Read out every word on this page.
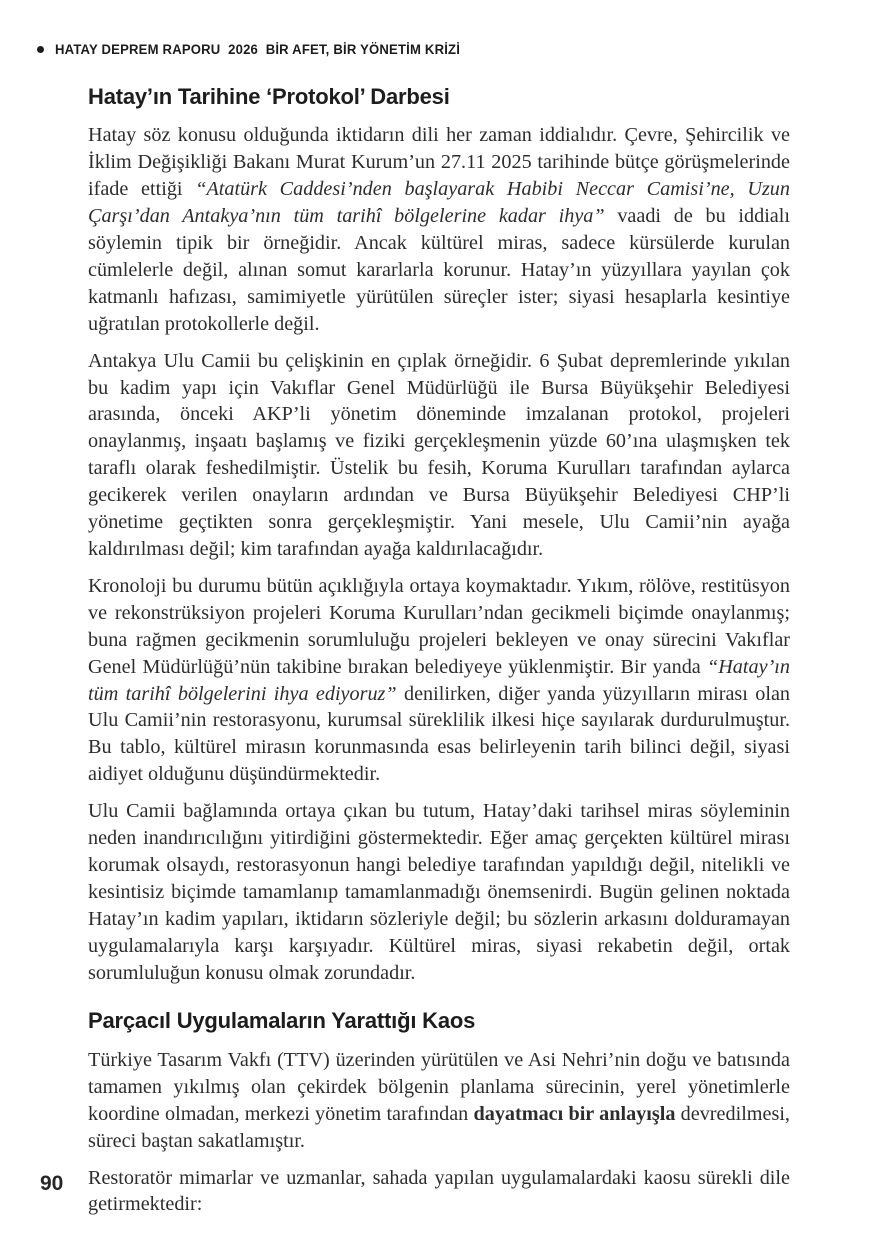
HATAY DEPREM RAPORU  2026  BİR AFET, BİR YÖNETİM KRİZİ
Hatay’ın Tarihine ‘Protokol’ Darbesi

Hatay söz konusu olduğunda iktidarın dili her zaman iddialıdır. Çevre, Şehircilik ve İklim Değişikliği Bakanı Murat Kurum’un 27.11 2025 tarihinde bütçe görüşmelerinde ifade ettiği “Atatürk Caddesi’nden başlayarak Habibi Neccar Camisi’ne, Uzun Çarşı’dan Antakya’nın tüm tarihî bölgelerine kadar ihya” vaadi de bu iddialı söylemin tipik bir örneğidir. Ancak kültürel miras, sadece kürsülerde kurulan cümlelerle değil, alınan somut kararlarla korunur. Hatay’ın yüzyıllara yayılan çok katmanlı hafızası, samimiyetle yürütülen süreçler ister; siyasi hesaplarla kesintiye uğratılan protokollerle değil.

Antakya Ulu Camii bu çelişkinin en çıplak örneğidir. 6 Şubat depremlerinde yıkılan bu kadim yapı için Vakıflar Genel Müdürlüğü ile Bursa Büyükşehir Belediyesi arasında, önceki AKP’li yönetim döneminde imzalanan protokol, projeleri onaylanmış, inşaatı başlamış ve fiziki gerçekleşmenin yüzde 60’ına ulaşmışken tek taraflı olarak feshedilmiştir. Üstelik bu fesih, Koruma Kurulları tarafından aylarca gecikerek verilen onayların ardından ve Bursa Büyükşehir Belediyesi CHP’li yönetime geçtikten sonra gerçekleşmiştir. Yani mesele, Ulu Camii’nin ayağa kaldırılması değil; kim tarafından ayağa kaldırılacağıdır.

Kronoloji bu durumu bütün açıklığıyla ortaya koymaktadır. Yıkım, rölöve, restitüsyon ve rekonstrüksiyon projeleri Koruma Kurulları’ndan gecikmeli biçimde onaylanmış; buna rağmen gecikmenin sorumluluğu projeleri bekleyen ve onay sürecini Vakıflar Genel Müdürlüğü’nün takibine bırakan belediyeye yüklenmiştir. Bir yanda “Hatay’ın tüm tarihî bölgelerini ihya ediyoruz” denilirken, diğer yanda yüzyılların mirası olan Ulu Camii’nin restorasyonu, kurumsal süreklilik ilkesi hiçe sayılarak durdurulmuştur. Bu tablo, kültürel mirasın korunmasında esas belirleyenin tarih bilinci değil, siyasi aidiyet olduğunu düşündürmektedir.

Ulu Camii bağlamında ortaya çıkan bu tutum, Hatay’daki tarihsel miras söyleminin neden inandırıcılığını yitirdiğini göstermektedir. Eğer amaç gerçekten kültürel mirası korumak olsaydı, restorasyonun hangi belediye tarafından yapıldığı değil, nitelikli ve kesintisiz biçimde tamamlanıp tamamlanmadığı önemsenirdi. Bugün gelinen noktada Hatay’ın kadim yapıları, iktidarın sözleriyle değil; bu sözlerin arkasını dolduramayan uygulamalarıyla karşı karşıyadır. Kültürel miras, siyasi rekabetin değil, ortak sorumluluğun konusu olmak zorundadır.

Parçacıl Uygulamaların Yarattığı Kaos

Türkiye Tasarım Vakfı (TTV) üzerinden yürütülen ve Asi Nehri’nin doğu ve batısında tamamen yıkılmış olan çekirdek bölgenin planlama sürecinin, yerel yönetimlerle koordine olmadan, merkezi yönetim tarafından dayatmacı bir anlayışla devredilmesi, süreci baştan sakatlamıştır.

Restoratör mimarlar ve uzmanlar, sahada yapılan uygulamalardaki kaosu sürekli dile getirmektedir:

90
